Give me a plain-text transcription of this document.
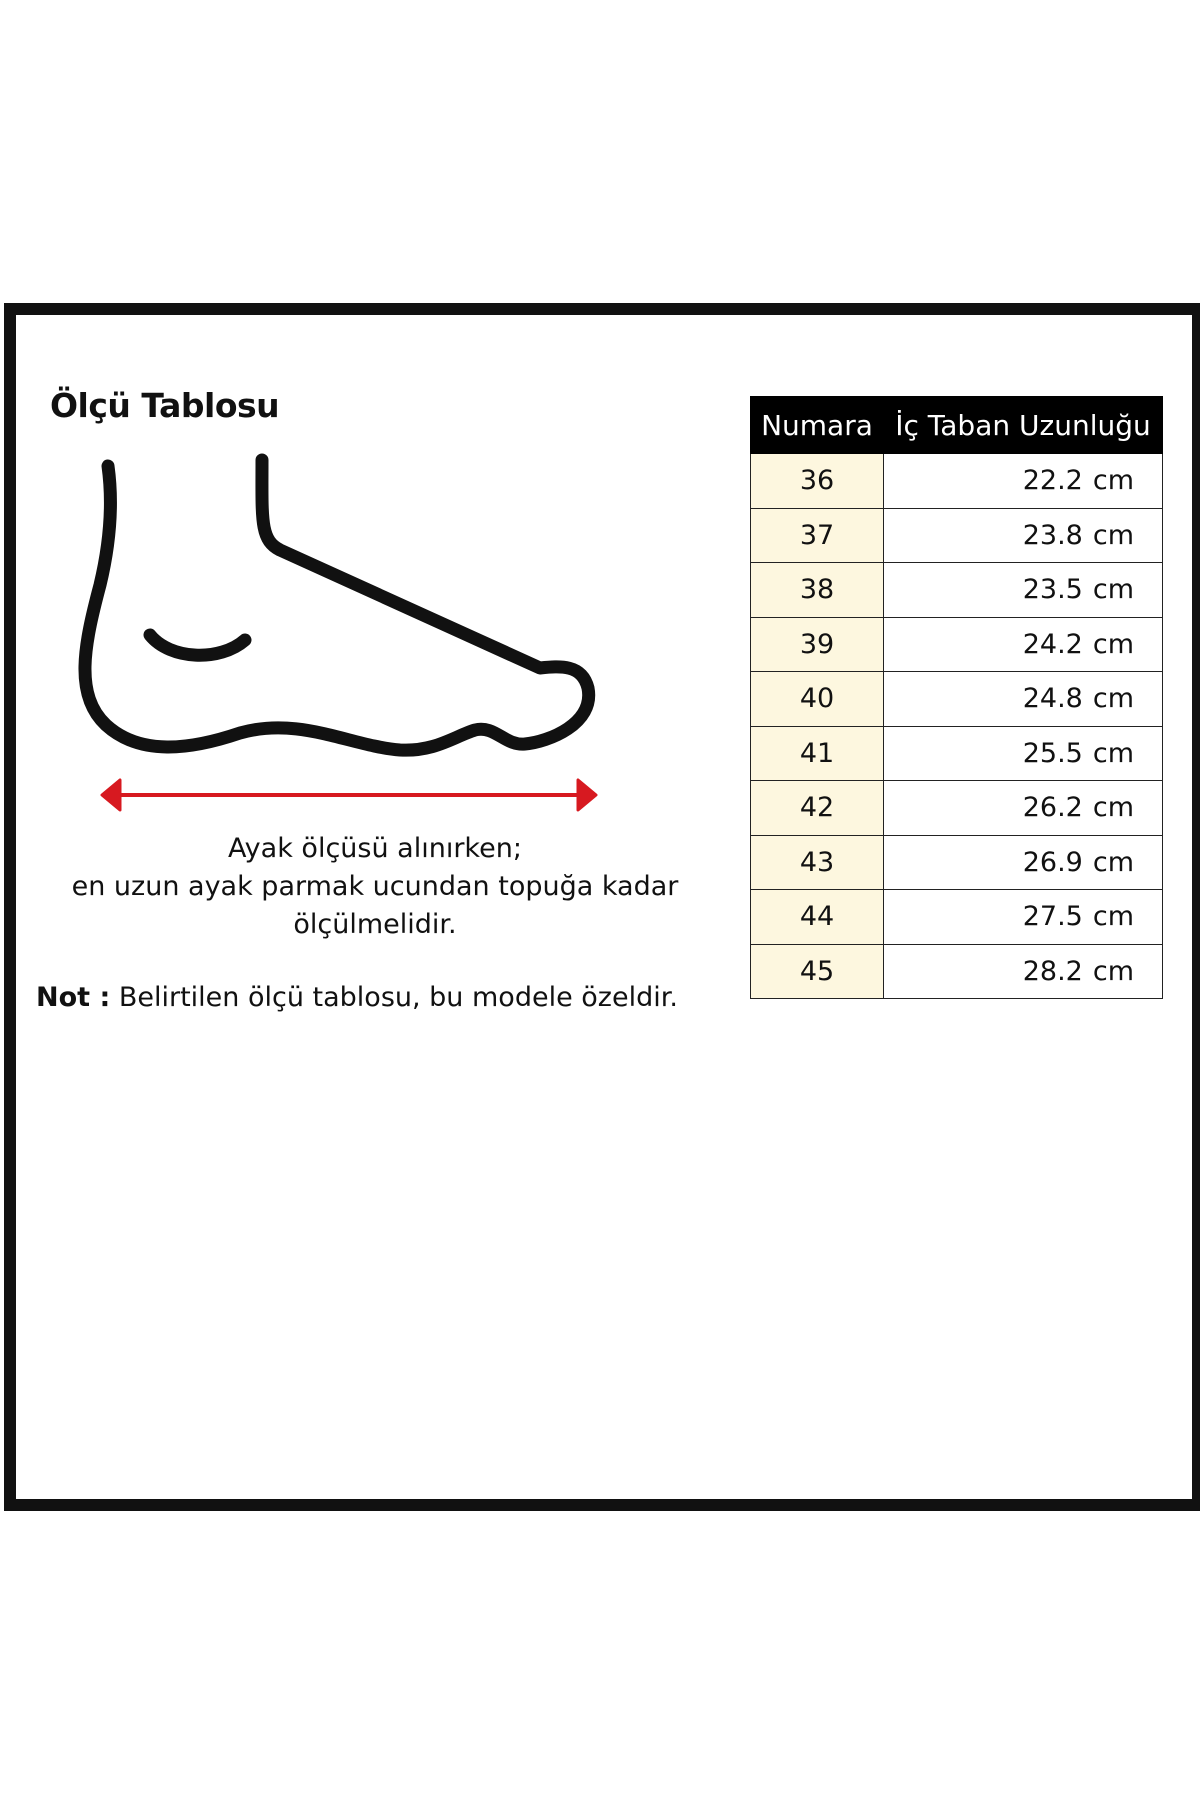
Ölçü Tablosu
Ayak ölçüsü alınırken;
en uzun ayak parmak ucundan topuğa kadar
ölçülmelidir.
Not : Belirtilen ölçü tablosu, bu modele özeldir.
Numara	İç Taban Uzunluğu
36	22.2 cm
37	23.8 cm
38	23.5 cm
39	24.2 cm
40	24.8 cm
41	25.5 cm
42	26.2 cm
43	26.9 cm
44	27.5 cm
45	28.2 cm
